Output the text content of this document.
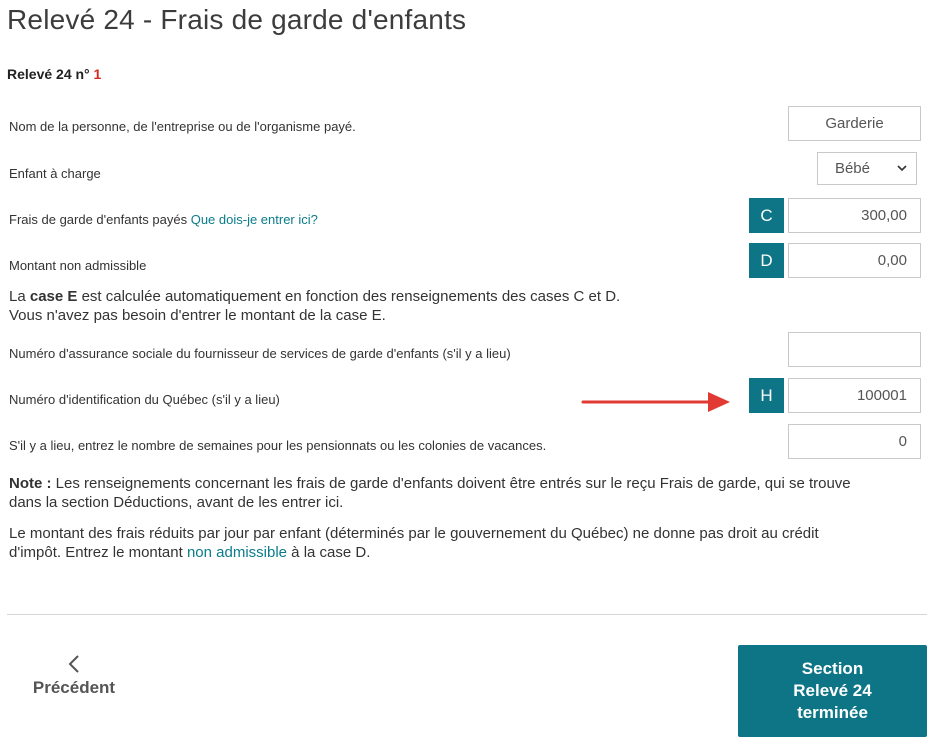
Relevé 24 - Frais de garde d'enfants
Relevé 24 n° 1
Nom de la personne, de l'entreprise ou de l'organisme payé.	Garderie
Enfant à charge	Bébé
Frais de garde d'enfants payés Que dois-je entrer ici?	C	300,00
Montant non admissible	D	0,00
La case E est calculée automatiquement en fonction des renseignements des cases C et D.
Vous n'avez pas besoin d'entrer le montant de la case E.
Numéro d'assurance sociale du fournisseur de services de garde d'enfants (s'il y a lieu)
Numéro d'identification du Québec (s'il y a lieu)	H	100001
S'il y a lieu, entrez le nombre de semaines pour les pensionnats ou les colonies de vacances.	0
Note : Les renseignements concernant les frais de garde d'enfants doivent être entrés sur le reçu Frais de garde, qui se trouve
dans la section Déductions, avant de les entrer ici.
Le montant des frais réduits par jour par enfant (déterminés par le gouvernement du Québec) ne donne pas droit au crédit
d'impôt. Entrez le montant non admissible à la case D.
Précédent
Section Relevé 24 terminée
